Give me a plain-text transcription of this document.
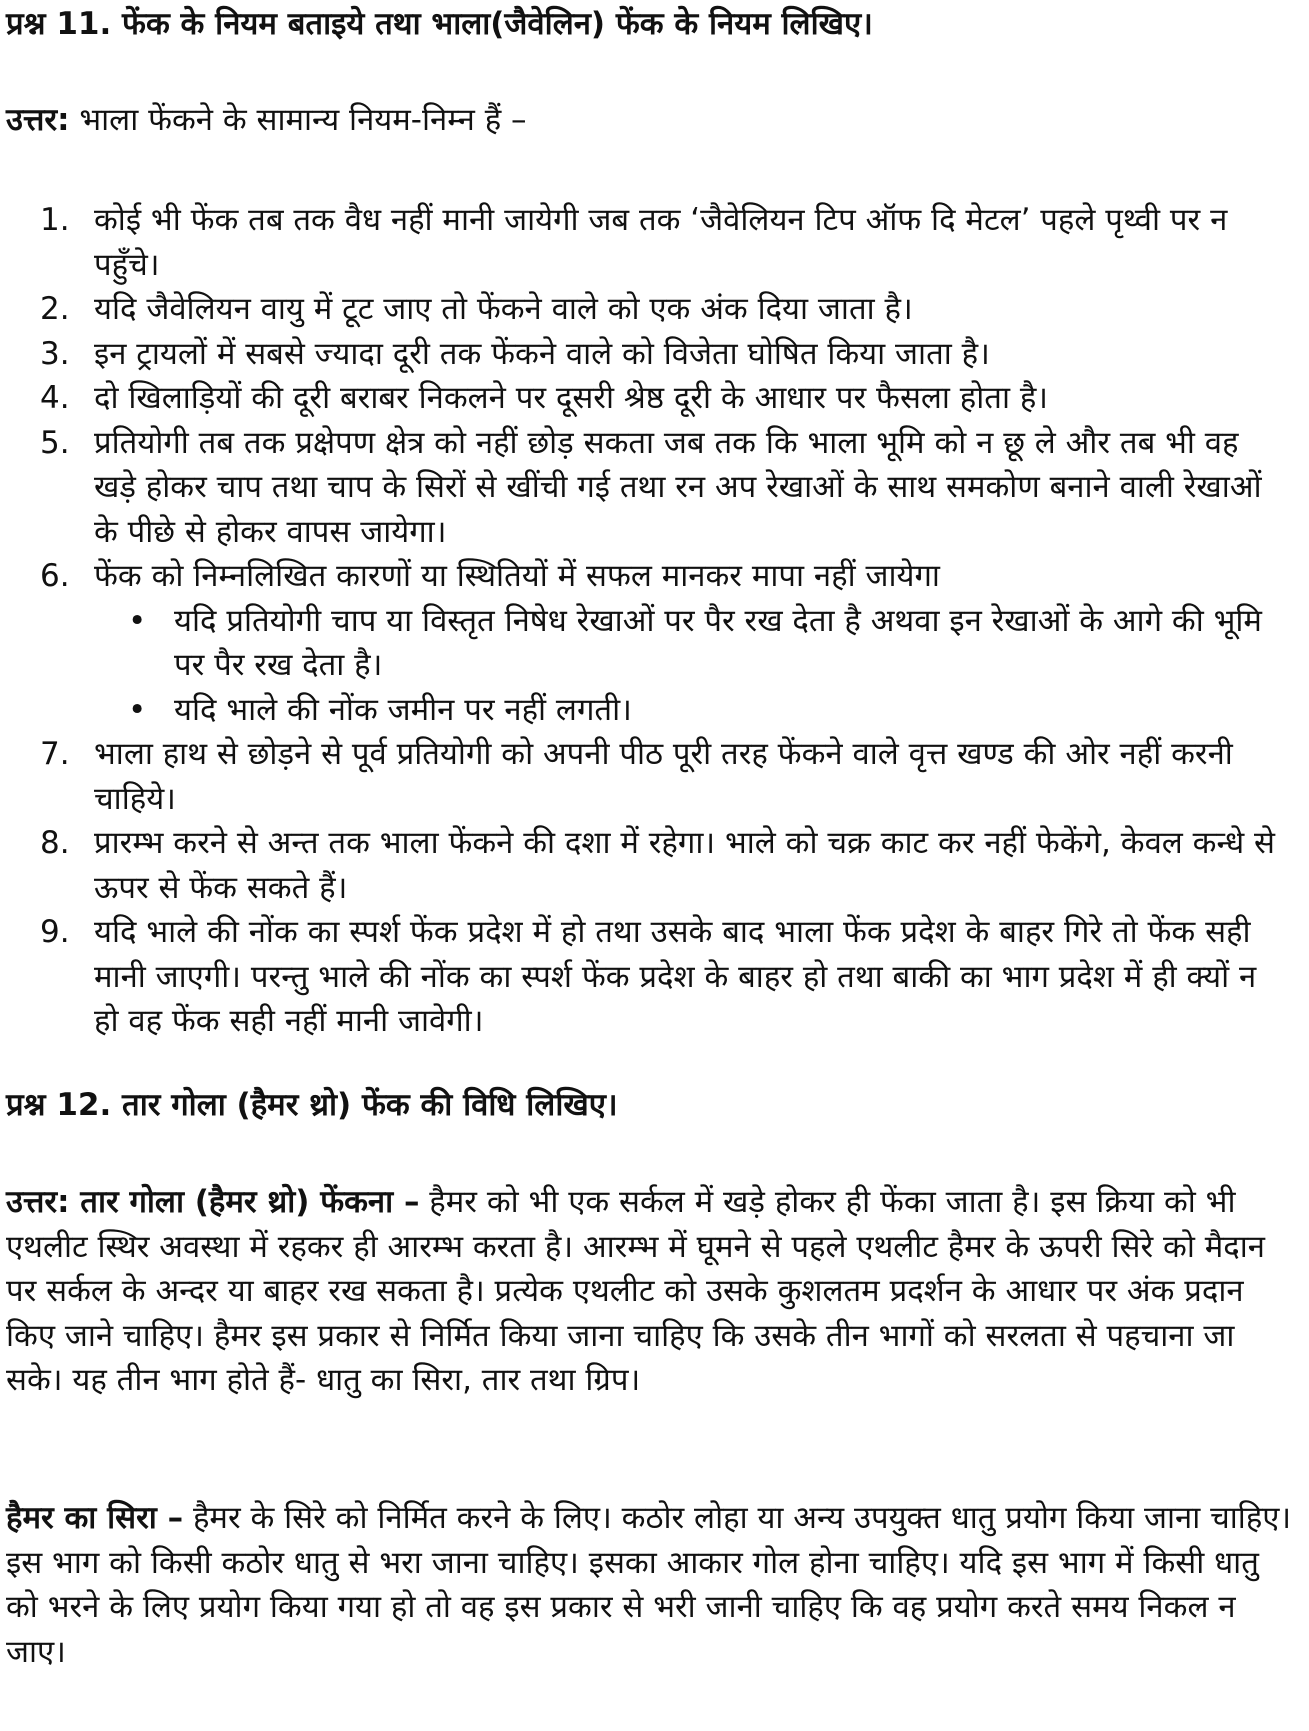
प्रश्न 11. फेंक के नियम बताइये तथा भाला(जैवेलिन) फेंक के नियम लिखिए।

उत्तर: भाला फेंकने के सामान्य नियम-निम्न हैं –

1. कोई भी फेंक तब तक वैध नहीं मानी जायेगी जब तक ‘जैवेलियन टिप ऑफ दि मेटल’ पहले पृथ्वी पर न पहुँचे।
2. यदि जैवेलियन वायु में टूट जाए तो फेंकने वाले को एक अंक दिया जाता है।
3. इन ट्रायलों में सबसे ज्यादा दूरी तक फेंकने वाले को विजेता घोषित किया जाता है।
4. दो खिलाड़ियों की दूरी बराबर निकलने पर दूसरी श्रेष्ठ दूरी के आधार पर फैसला होता है।
5. प्रतियोगी तब तक प्रक्षेपण क्षेत्र को नहीं छोड़ सकता जब तक कि भाला भूमि को न छू ले और तब भी वह खड़े होकर चाप तथा चाप के सिरों से खींची गई तथा रन अप रेखाओं के साथ समकोण बनाने वाली रेखाओं के पीछे से होकर वापस जायेगा।
6. फेंक को निम्नलिखित कारणों या स्थितियों में सफल मानकर मापा नहीं जायेगा
• यदि प्रतियोगी चाप या विस्तृत निषेध रेखाओं पर पैर रख देता है अथवा इन रेखाओं के आगे की भूमि पर पैर रख देता है।
• यदि भाले की नोंक जमीन पर नहीं लगती।
7. भाला हाथ से छोड़ने से पूर्व प्रतियोगी को अपनी पीठ पूरी तरह फेंकने वाले वृत्त खण्ड की ओर नहीं करनी चाहिये।
8. प्रारम्भ करने से अन्त तक भाला फेंकने की दशा में रहेगा। भाले को चक्र काट कर नहीं फेकेंगे, केवल कन्धे से ऊपर से फेंक सकते हैं।
9. यदि भाले की नोंक का स्पर्श फेंक प्रदेश में हो तथा उसके बाद भाला फेंक प्रदेश के बाहर गिरे तो फेंक सही मानी जाएगी। परन्तु भाले की नोंक का स्पर्श फेंक प्रदेश के बाहर हो तथा बाकी का भाग प्रदेश में ही क्यों न हो वह फेंक सही नहीं मानी जावेगी।

प्रश्न 12. तार गोला (हैमर थ्रो) फेंक की विधि लिखिए।

उत्तर: तार गोला (हैमर थ्रो) फेंकना – हैमर को भी एक सर्कल में खड़े होकर ही फेंका जाता है। इस क्रिया को भी एथलीट स्थिर अवस्था में रहकर ही आरम्भ करता है। आरम्भ में घूमने से पहले एथलीट हैमर के ऊपरी सिरे को मैदान पर सर्कल के अन्दर या बाहर रख सकता है। प्रत्येक एथलीट को उसके कुशलतम प्रदर्शन के आधार पर अंक प्रदान किए जाने चाहिए। हैमर इस प्रकार से निर्मित किया जाना चाहिए कि उसके तीन भागों को सरलता से पहचाना जा सके। यह तीन भाग होते हैं- धातु का सिरा, तार तथा ग्रिप।

हैमर का सिरा – हैमर के सिरे को निर्मित करने के लिए। कठोर लोहा या अन्य उपयुक्त धातु प्रयोग किया जाना चाहिए। इस भाग को किसी कठोर धातु से भरा जाना चाहिए। इसका आकार गोल होना चाहिए। यदि इस भाग में किसी धातु को भरने के लिए प्रयोग किया गया हो तो वह इस प्रकार से भरी जानी चाहिए कि वह प्रयोग करते समय निकल न जाए।
